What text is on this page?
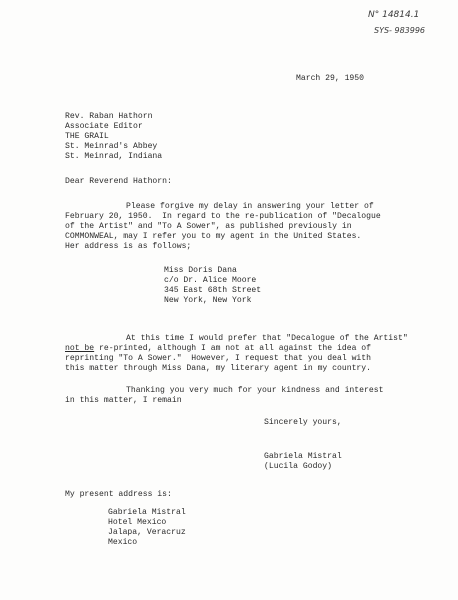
N° 14814.1
SYS- 983996
March 29, 1950
Rev. Raban Hathorn
Associate Editor
THE GRAIL
St. Meinrad's Abbey
St. Meinrad, Indiana
Dear Reverend Hathorn:
Please forgive my delay in answering your letter of
February 20, 1950.  In regard to the re-publication of "Decalogue
of the Artist" and "To A Sower", as published previously in
COMMONWEAL, may I refer you to my agent in the United States.
Her address is as follows;
Miss Doris Dana
c/o Dr. Alice Moore
345 East 68th Street
New York, New York
At this time I would prefer that "Decalogue of the Artist"
not be re-printed, although I am not at all against the idea of
reprinting "To A Sower."  However, I request that you deal with
this matter through Miss Dana, my literary agent in my country.
Thanking you very much for your kindness and interest
in this matter, I remain
Sincerely yours,
Gabriela Mistral
(Lucila Godoy)
My present address is:
Gabriela Mistral
Hotel Mexico
Jalapa, Veracruz
Mexico
